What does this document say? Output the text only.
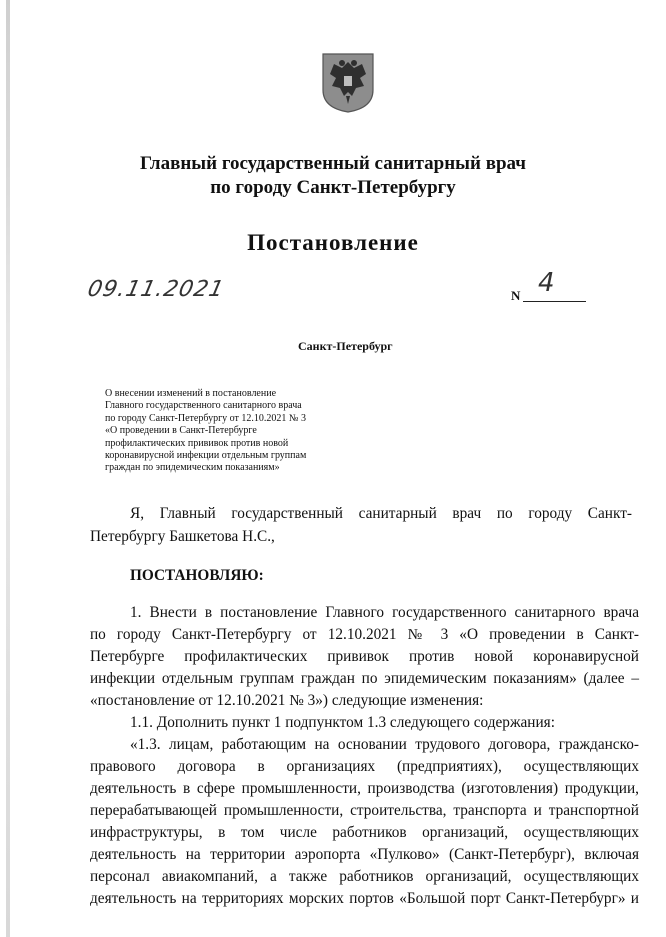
Главный государственный санитарный врач
по городу Санкт-Петербургу
Постановление
09.11.2021	4
N
Санкт-Петербург
О внесении изменений в постановление
Главного государственного санитарного врача
по городу Санкт-Петербургу от 12.10.2021 № 3
«О проведении в Санкт-Петербурге
профилактических прививок против новой
коронавирусной инфекции отдельным группам
граждан по эпидемическим показаниям»
Я, Главный государственный санитарный врач по городу Санкт-
Петербургу Башкетова Н.С.,
ПОСТАНОВЛЯЮ:
1. Внести в постановление Главного государственного санитарного врача
по городу Санкт-Петербургу от 12.10.2021 № 3 «О проведении в Санкт-
Петербурге профилактических прививок против новой коронавирусной
инфекции отдельным группам граждан по эпидемическим показаниям» (далее –
«постановление от 12.10.2021 № 3») следующие изменения:
1.1. Дополнить пункт 1 подпунктом 1.3 следующего содержания:
«1.3. лицам, работающим на основании трудового договора, гражданско-
правового договора в организациях (предприятиях), осуществляющих
деятельность в сфере промышленности, производства (изготовления) продукции,
перерабатывающей промышленности, строительства, транспорта и транспортной
инфраструктуры, в том числе работников организаций, осуществляющих
деятельность на территории аэропорта «Пулково» (Санкт-Петербург), включая
персонал авиакомпаний, а также работников организаций, осуществляющих
деятельность на территориях морских портов «Большой порт Санкт-Петербург» и
